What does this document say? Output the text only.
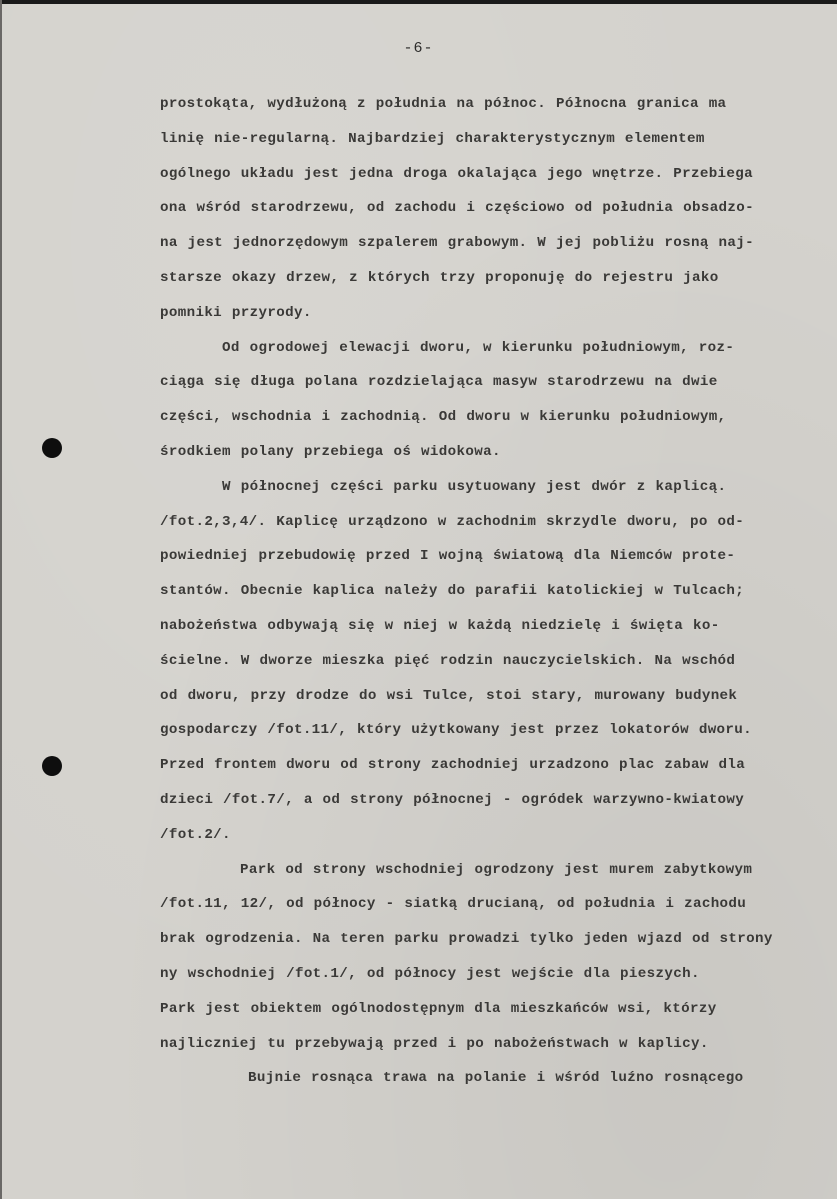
-6-
prostokąta, wydłużoną z południa na północ. Północna granica ma
linię nie-regularną. Najbardziej charakterystycznym elementem
ogólnego układu jest jedna droga okalająca jego wnętrze. Przebiega
ona wśród starodrzewu, od zachodu i częściowo od południa obsadzo-
na jest jednorzędowym szpalerem grabowym. W jej pobliżu rosną naj-
starsze okazy drzew, z których trzy proponuję do rejestru jako
pomniki przyrody.
Od ogrodowej elewacji dworu, w kierunku południowym, roz-
ciąga się długa polana rozdzielająca masyw starodrzewu na dwie
części, wschodnia i zachodnią. Od dworu w kierunku południowym,
środkiem polany przebiega oś widokowa.
W północnej części parku usytuowany jest dwór z kaplicą.
/fot.2,3,4/. Kaplicę urządzono w zachodnim skrzydle dworu, po od-
powiedniej przebudowię przed I wojną światową dla Niemców prote-
stantów. Obecnie kaplica należy do parafii katolickiej w Tulcach;
nabożeństwa odbywają się w niej w każdą niedzielę i święta ko-
ścielne. W dworze mieszka pięć rodzin nauczycielskich. Na wschód
od dworu, przy drodze do wsi Tulce, stoi stary, murowany budynek
gospodarczy /fot.11/, który użytkowany jest przez lokatorów dworu.
Przed frontem dworu od strony zachodniej urzadzono plac zabaw dla
dzieci /fot.7/, a od strony północnej - ogródek warzywno-kwiatowy
/fot.2/.
Park od strony wschodniej ogrodzony jest murem zabytkowym
/fot.11, 12/, od północy - siatką drucianą, od południa i zachodu
brak ogrodzenia. Na teren parku prowadzi tylko jeden wjazd od strony
ny wschodniej /fot.1/, od północy jest wejście dla pieszych.
Park jest obiektem ogólnodostępnym dla mieszkańców wsi, którzy
najliczniej tu przebywają przed i po nabożeństwach w kaplicy.
Bujnie rosnąca trawa na polanie i wśród luźno rosnącego
